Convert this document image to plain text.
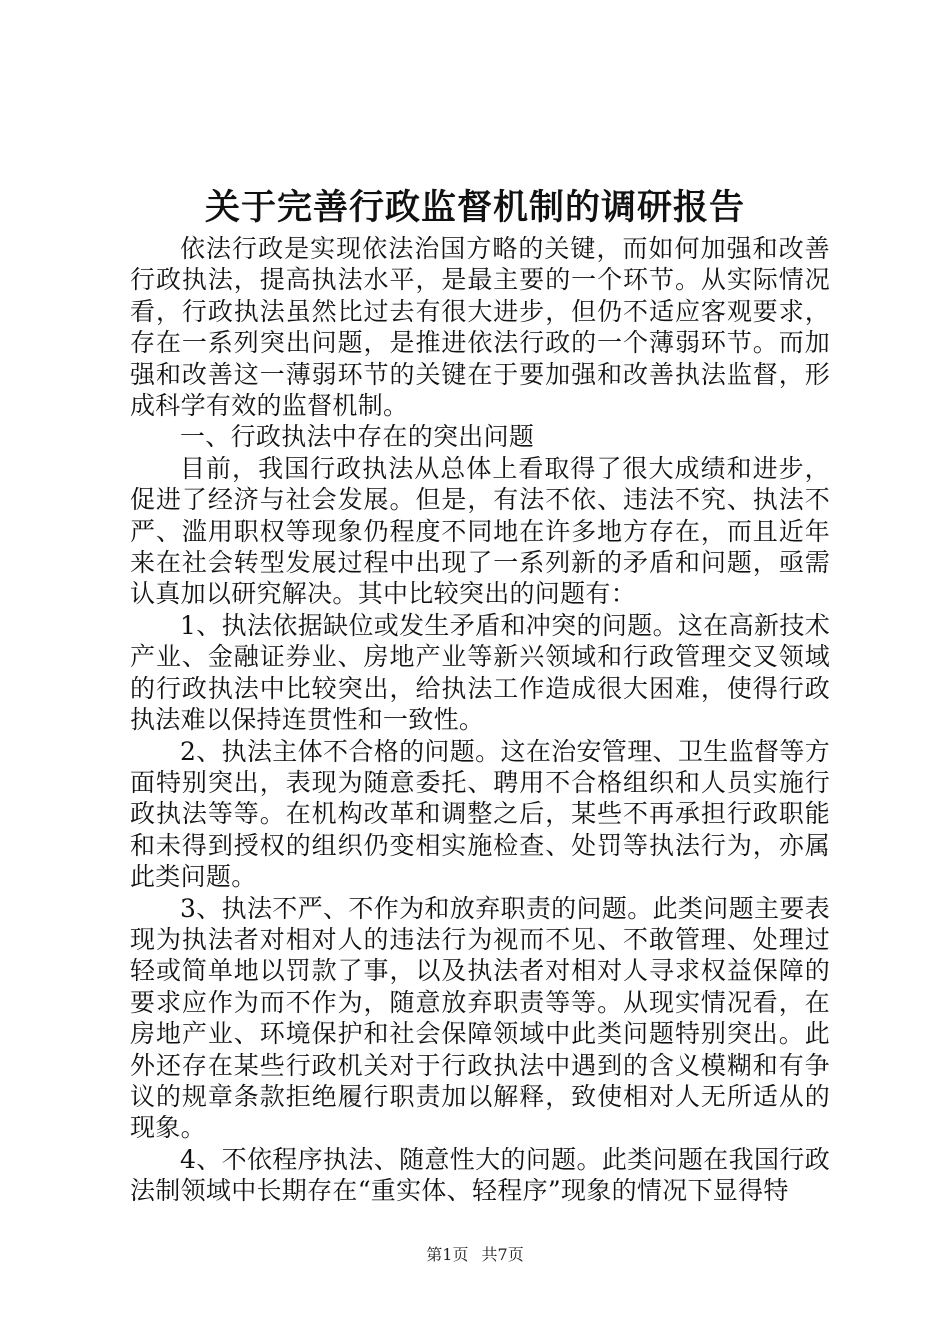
关于完善行政监督机制的调研报告

依法行政是实现依法治国方略的关键，而如何加强和改善行政执法，提高执法水平，是最主要的一个环节。从实际情况看，行政执法虽然比过去有很大进步，但仍不适应客观要求，存在一系列突出问题，是推进依法行政的一个薄弱环节。而加强和改善这一薄弱环节的关键在于要加强和改善执法监督，形成科学有效的监督机制。

一、行政执法中存在的突出问题

目前，我国行政执法从总体上看取得了很大成绩和进步，促进了经济与社会发展。但是，有法不依、违法不究、执法不严、滥用职权等现象仍程度不同地在许多地方存在，而且近年来在社会转型发展过程中出现了一系列新的矛盾和问题，亟需认真加以研究解决。其中比较突出的问题有：

1、执法依据缺位或发生矛盾和冲突的问题。这在高新技术产业、金融证券业、房地产业等新兴领域和行政管理交叉领域的行政执法中比较突出，给执法工作造成很大困难，使得行政执法难以保持连贯性和一致性。

2、执法主体不合格的问题。这在治安管理、卫生监督等方面特别突出，表现为随意委托、聘用不合格组织和人员实施行政执法等等。在机构改革和调整之后，某些不再承担行政职能和未得到授权的组织仍变相实施检查、处罚等执法行为，亦属此类问题。

3、执法不严、不作为和放弃职责的问题。此类问题主要表现为执法者对相对人的违法行为视而不见、不敢管理、处理过轻或简单地以罚款了事，以及执法者对相对人寻求权益保障的要求应作为而不作为，随意放弃职责等等。从现实情况看，在房地产业、环境保护和社会保障领域中此类问题特别突出。此外还存在某些行政机关对于行政执法中遇到的含义模糊和有争议的规章条款拒绝履行职责加以解释，致使相对人无所适从的现象。

4、不依程序执法、随意性大的问题。此类问题在我国行政法制领域中长期存在“重实体、轻程序”现象的情况下显得特

第1页 共7页
